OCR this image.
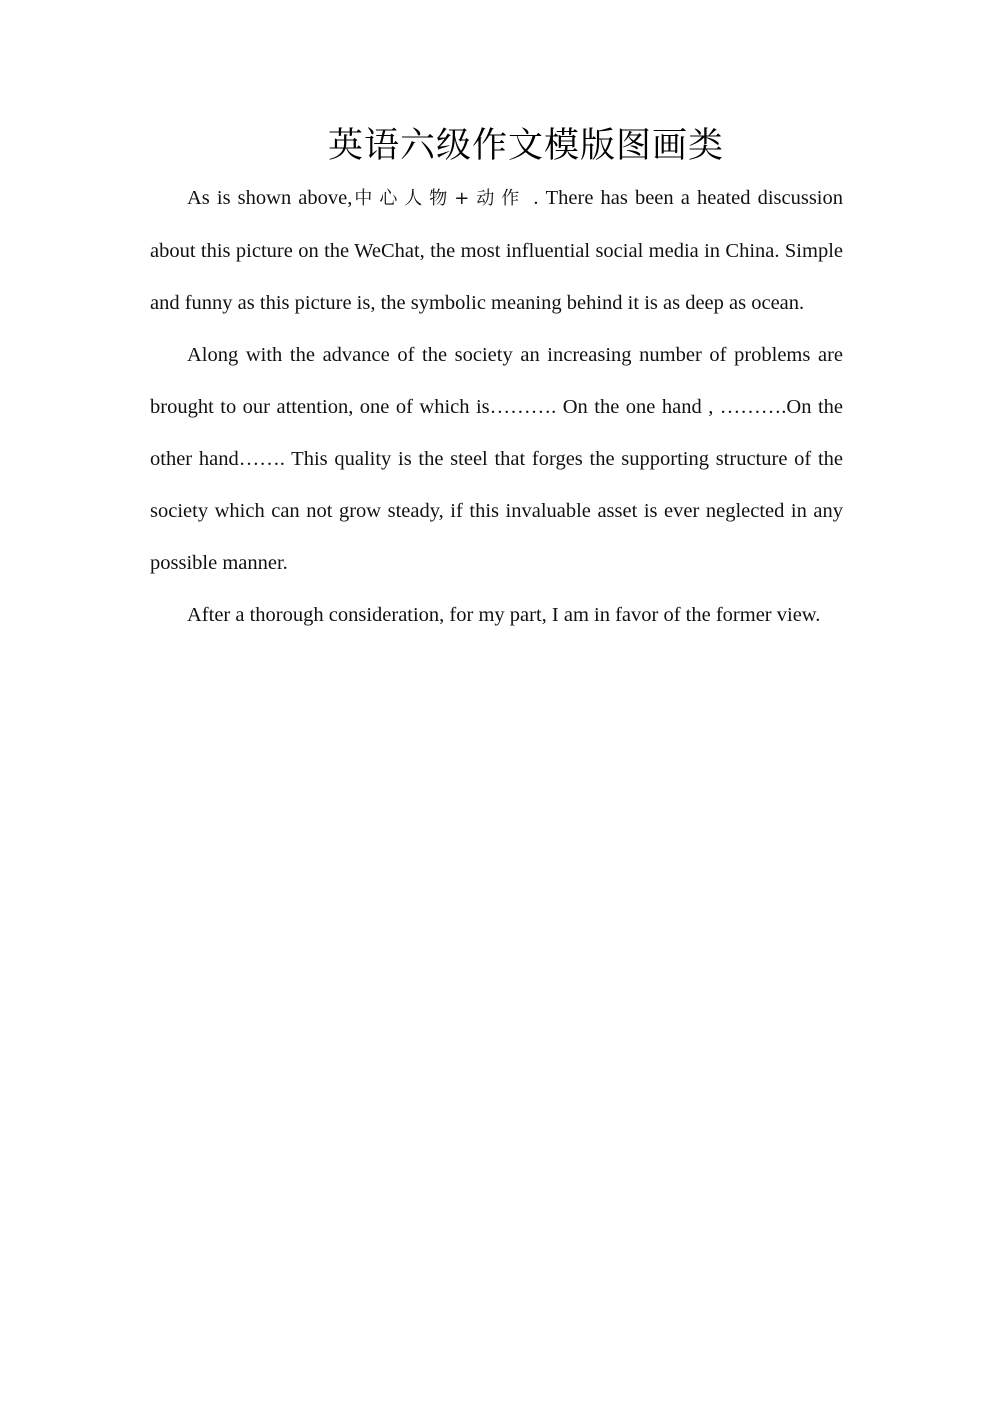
英语六级作文模版图画类

As is shown above,中心人物+动作 . There has been a heated discussion about this picture on the WeChat, the most influential social media in China. Simple and funny as this picture is, the symbolic meaning behind it is as deep as ocean.

Along with the advance of the society an increasing number of problems are brought to our attention, one of which is………. On the one hand , ……….On the other hand……. This quality is the steel that forges the supporting structure of the society which can not grow steady, if this invaluable asset is ever neglected in any possible manner.

After a thorough consideration, for my part, I am in favor of the former view.
